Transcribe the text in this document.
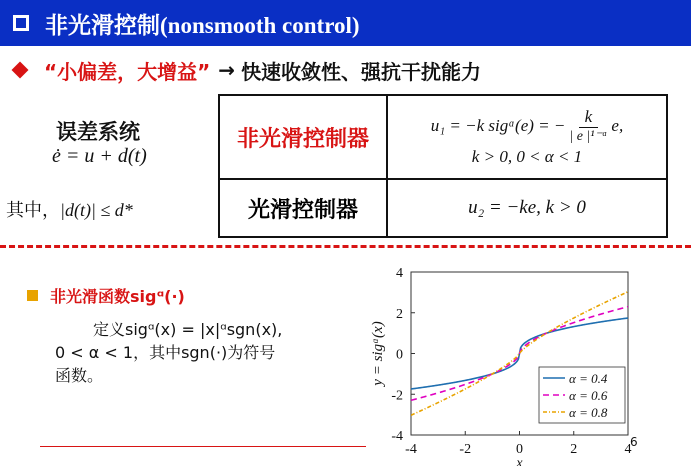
非光滑控制(nonsmooth control)
“小偏差，大增益” → 快速收敛性、强抗干扰能力
误差系统
ė = u + d(t)
其中，|d(t)| ≤ d*
非光滑控制器	u₁ = −k sigᵅ(e) = − k
| e |¹⁻ᵅ
e,
k > 0, 0 < α < 1

光滑控制器	u₂ = −ke, k > 0
非光滑函数sigᵅ(·)
定义sigᵅ(x) = |x|ᵅsgn(x),
0 < α < 1，其中sgn(·)为符号
函数。
-4	-2	0	2	4
4
2
0
-2
-4
y = sigᵅ(x)
x
α = 0.4
α = 0.6
α = 0.8
6
